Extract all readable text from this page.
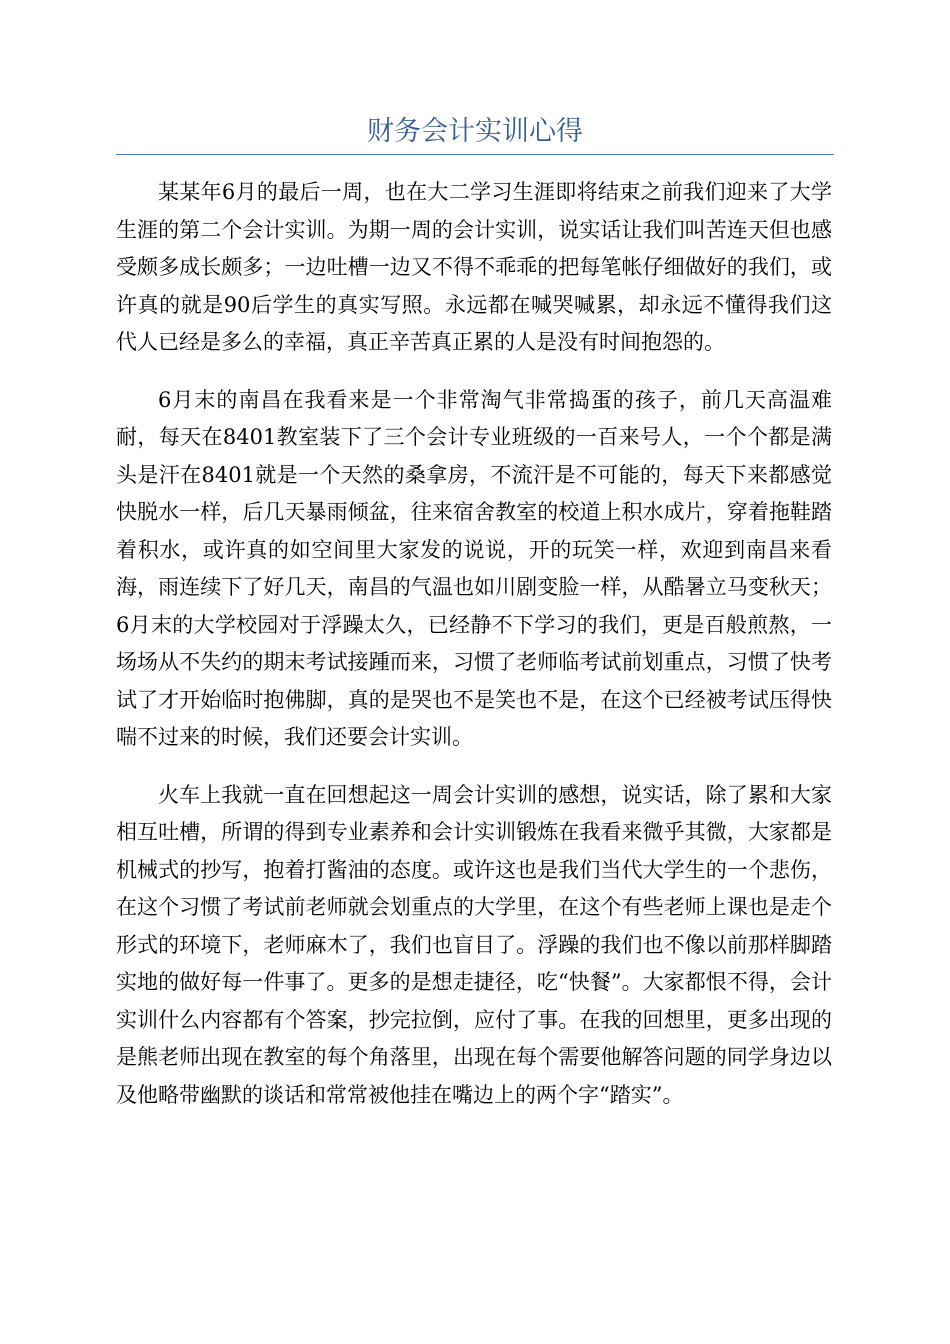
财务会计实训心得

某某年6月的最后一周，也在大二学习生涯即将结束之前我们迎来了大学生涯的第二个会计实训。为期一周的会计实训，说实话让我们叫苦连天但也感受颇多成长颇多；一边吐槽一边又不得不乖乖的把每笔帐仔细做好的我们，或许真的就是90后学生的真实写照。永远都在喊哭喊累，却永远不懂得我们这代人已经是多么的幸福，真正辛苦真正累的人是没有时间抱怨的。

6月末的南昌在我看来是一个非常淘气非常捣蛋的孩子，前几天高温难耐，每天在8401教室装下了三个会计专业班级的一百来号人，一个个都是满头是汗在8401就是一个天然的桑拿房，不流汗是不可能的，每天下来都感觉快脱水一样，后几天暴雨倾盆，往来宿舍教室的校道上积水成片，穿着拖鞋踏着积水，或许真的如空间里大家发的说说，开的玩笑一样，欢迎到南昌来看海，雨连续下了好几天，南昌的气温也如川剧变脸一样，从酷暑立马变秋天；6月末的大学校园对于浮躁太久，已经静不下学习的我们，更是百般煎熬，一场场从不失约的期末考试接踵而来，习惯了老师临考试前划重点，习惯了快考试了才开始临时抱佛脚，真的是哭也不是笑也不是，在这个已经被考试压得快喘不过来的时候，我们还要会计实训。

火车上我就一直在回想起这一周会计实训的感想，说实话，除了累和大家相互吐槽，所谓的得到专业素养和会计实训锻炼在我看来微乎其微，大家都是机械式的抄写，抱着打酱油的态度。或许这也是我们当代大学生的一个悲伤，在这个习惯了考试前老师就会划重点的大学里，在这个有些老师上课也是走个形式的环境下，老师麻木了，我们也盲目了。浮躁的我们也不像以前那样脚踏实地的做好每一件事了。更多的是想走捷径，吃“快餐”。大家都恨不得，会计实训什么内容都有个答案，抄完拉倒，应付了事。在我的回想里，更多出现的是熊老师出现在教室的每个角落里，出现在每个需要他解答问题的同学身边以及他略带幽默的谈话和常常被他挂在嘴边上的两个字“踏实”。
